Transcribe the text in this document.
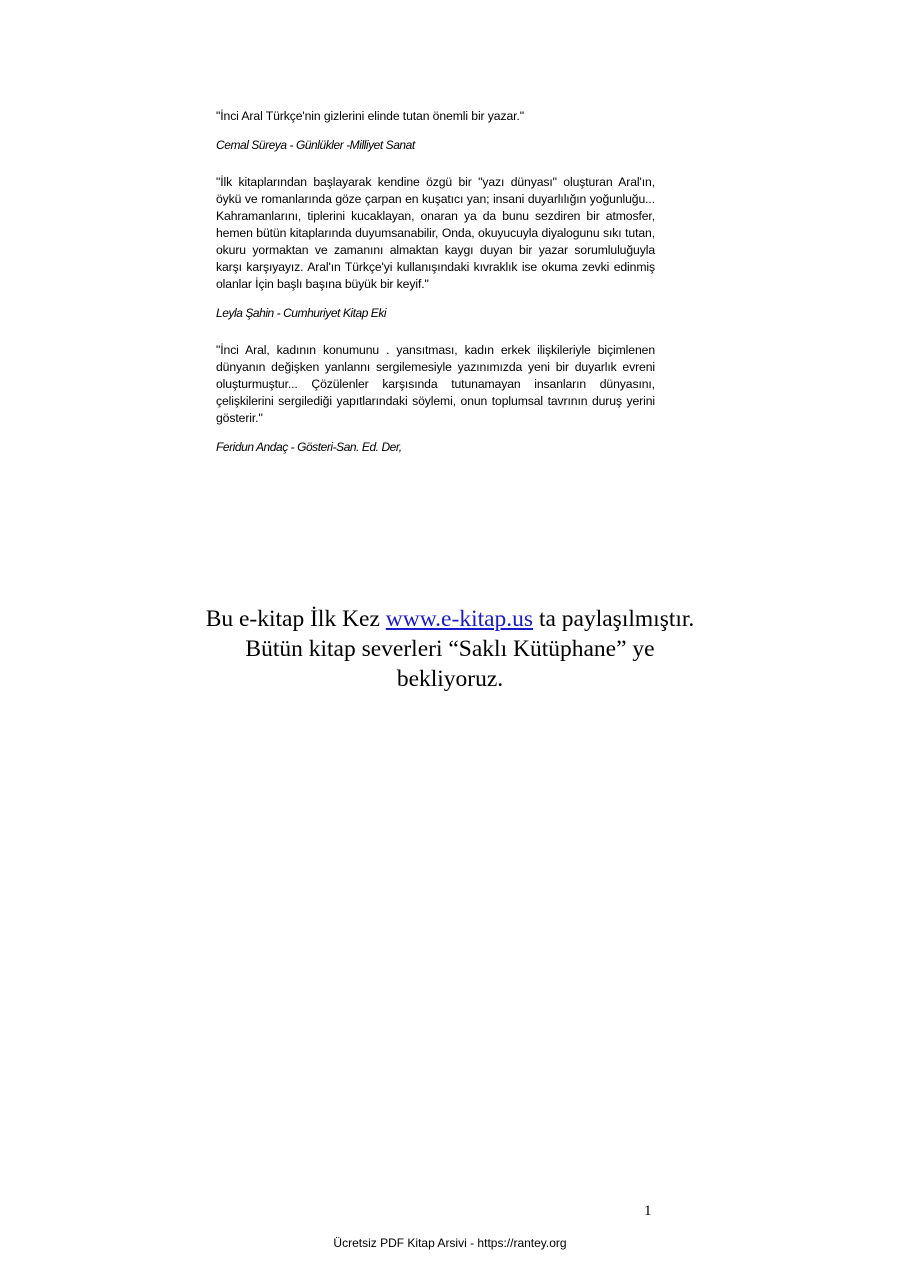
"İnci Aral Türkçe'nin gizlerini elinde tutan önemli bir yazar."

Cemal Süreya - Günlükler -Milliyet Sanat

"İlk kitaplarından başlayarak kendine özgü bir "yazı dünyası" oluşturan Aral'ın, öykü ve romanlarında göze çarpan en kuşatıcı yan; insani duyarlılığın yoğunluğu... Kahramanlarını, tiplerini kucaklayan, onaran ya da bunu sezdiren bir atmosfer, hemen bütün kitaplarında duyumsanabilir, Onda, okuyucuyla diyalogunu sıkı tutan, okuru yormaktan ve zamanını almaktan kaygı duyan bir yazar sorumluluğuyla karşı karşıyayız. Aral'ın Türkçe'yi kullanışındaki kıvraklık ise okuma zevki edinmiş olanlar İçin başlı başına büyük bir keyif."

Leyla Şahin - Cumhuriyet Kitap Eki

"İnci Aral, kadının konumunu . yansıtması, kadın erkek ilişkileriyle biçimlenen dünyanın değişken yanlannı sergilemesiyle yazınımızda yeni bir duyarlık evreni oluşturmuştur... Çözülenler karşısında tutunamayan insanların dünyasını, çelişkilerini sergilediği yapıtlarındaki söylemi, onun toplumsal tavrının duruş yerini gösterir."

Feridun Andaç - Gösteri-San. Ed. Der,

Bu e-kitap İlk Kez www.e-kitap.us ta paylaşılmıştır. Bütün kitap severleri “Saklı Kütüphane” ye bekliyoruz.

1

Ücretsiz PDF Kitap Arsivi - https://rantey.org
